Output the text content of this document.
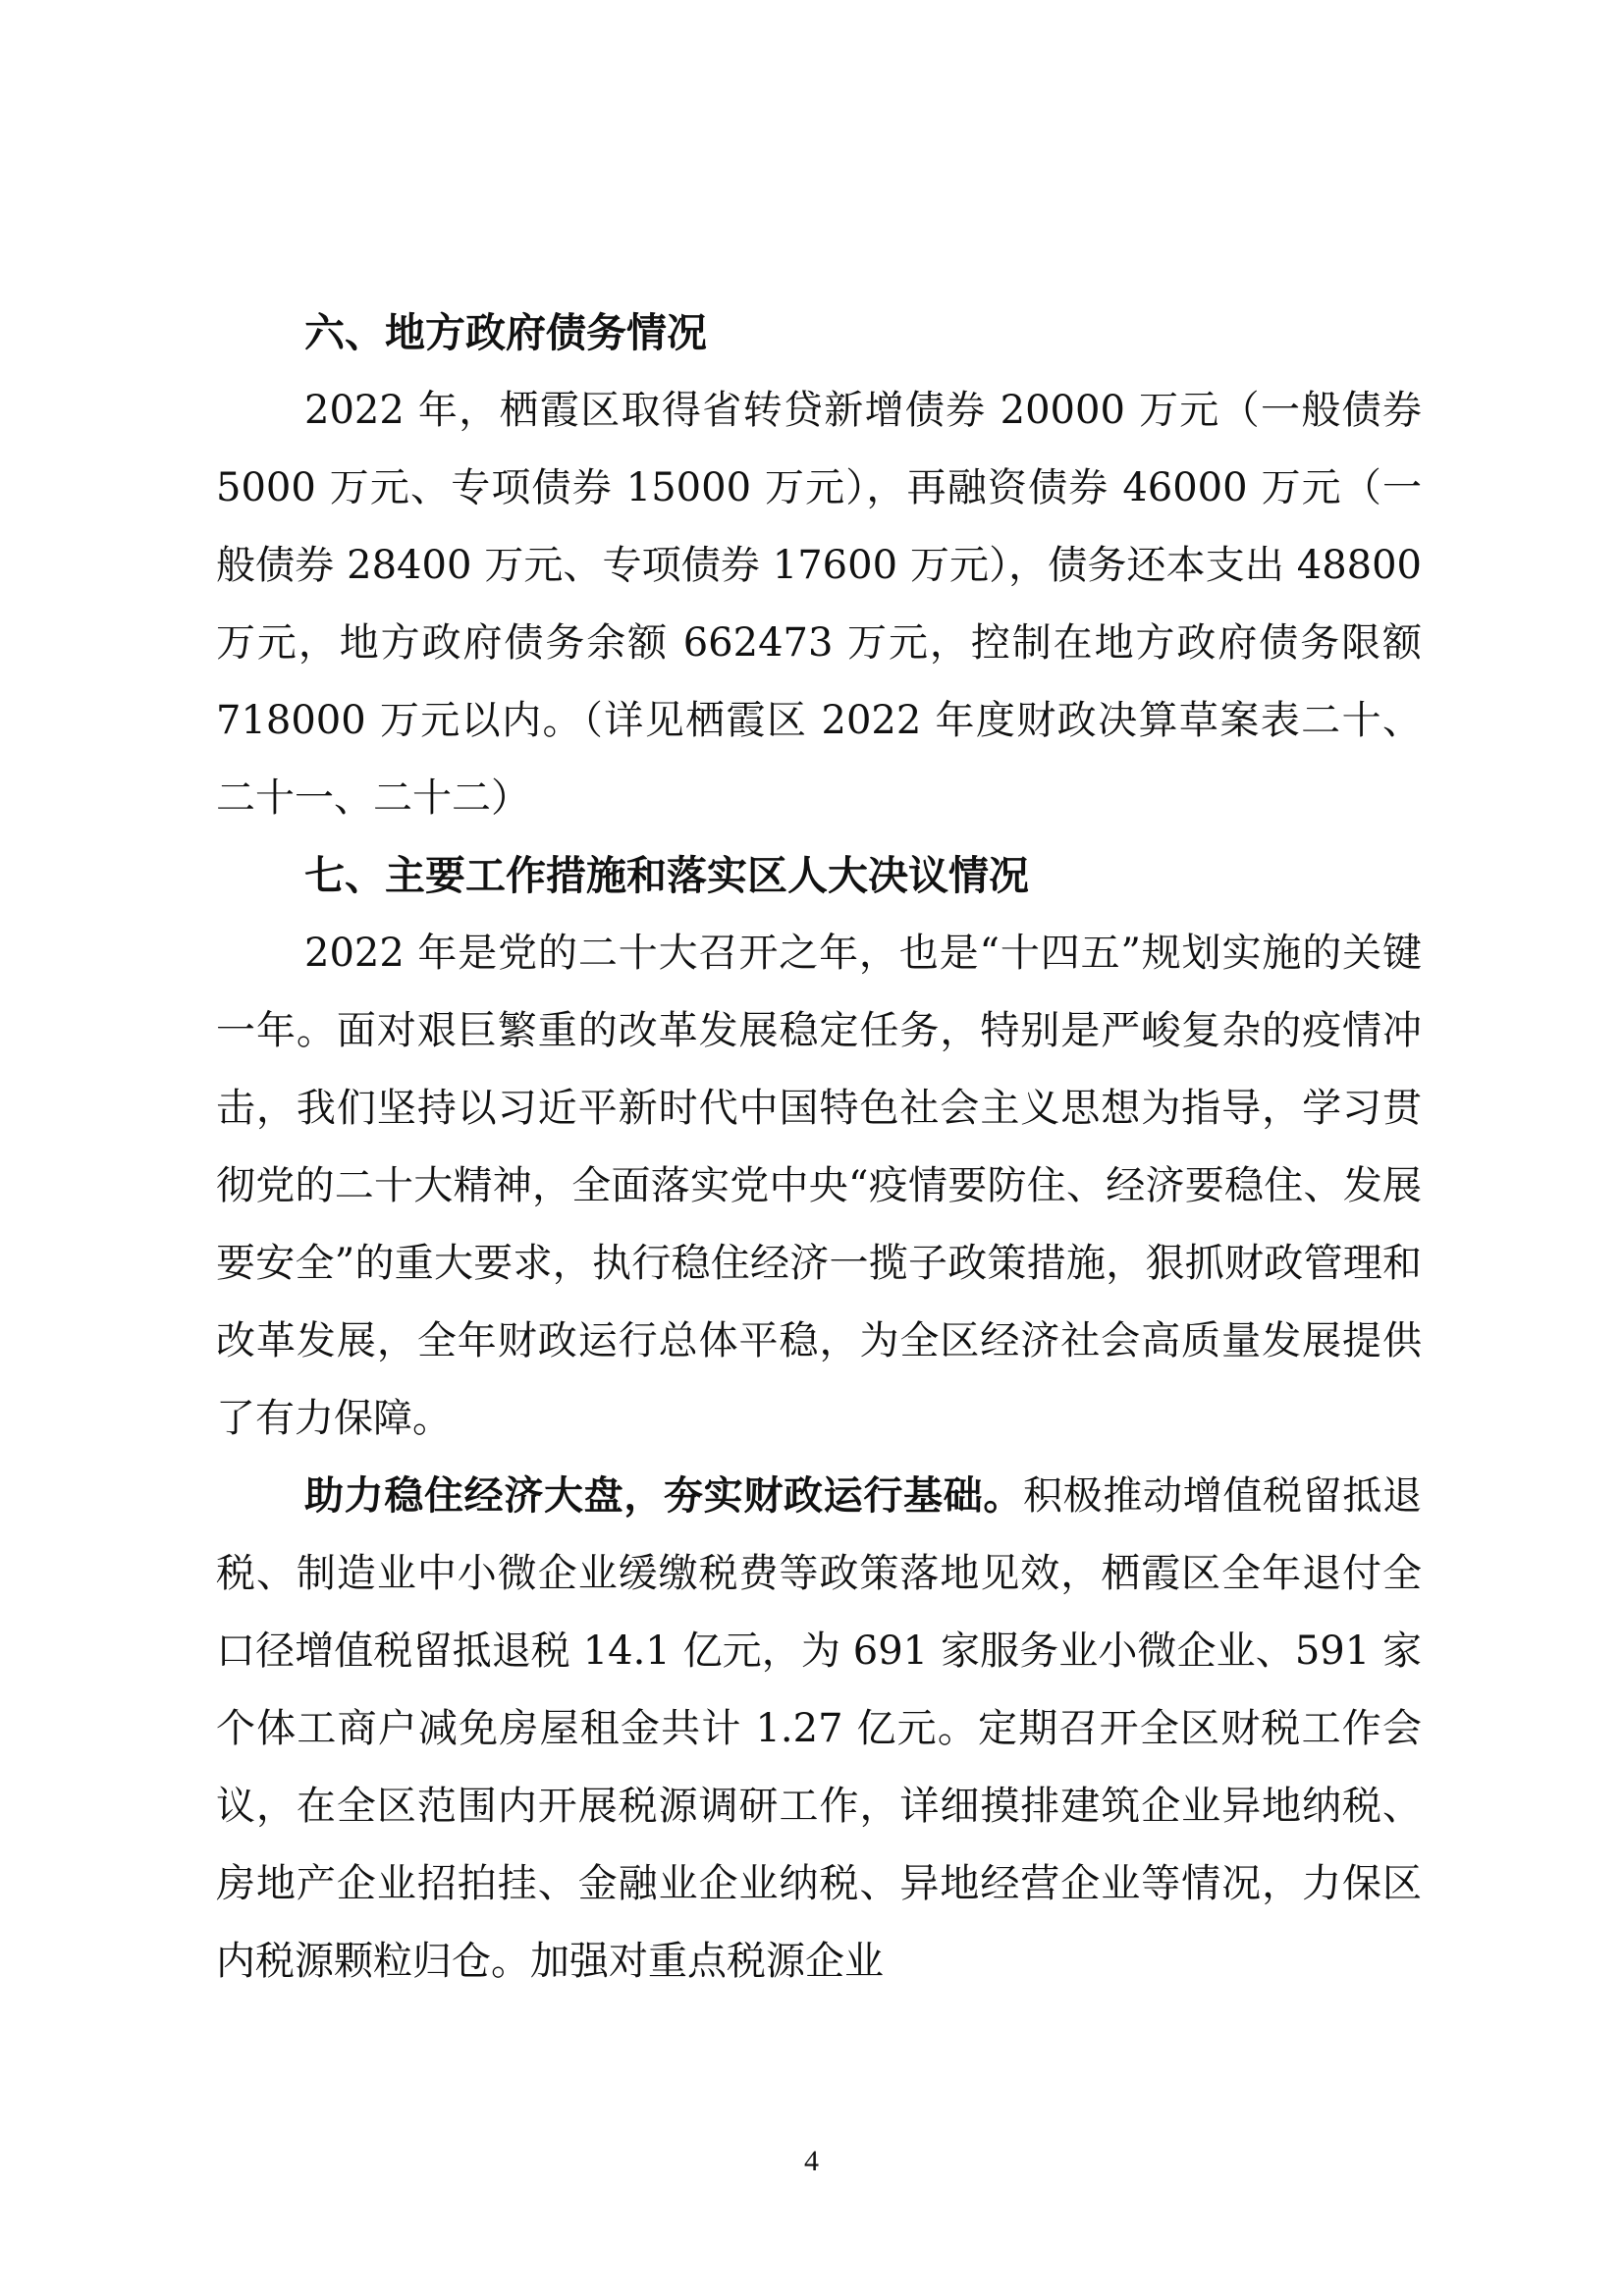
六、地方政府债务情况

2022 年，栖霞区取得省转贷新增债券 20000 万元（一般债券 5000 万元、专项债券 15000 万元），再融资债券 46000 万元（一般债券 28400 万元、专项债券 17600 万元），债务还本支出 48800 万元，地方政府债务余额 662473 万元，控制在地方政府债务限额 718000 万元以内。（详见栖霞区 2022 年度财政决算草案表二十、二十一、二十二）

七、主要工作措施和落实区人大决议情况

2022 年是党的二十大召开之年，也是“十四五”规划实施的关键一年。面对艰巨繁重的改革发展稳定任务，特别是严峻复杂的疫情冲击，我们坚持以习近平新时代中国特色社会主义思想为指导，学习贯彻党的二十大精神，全面落实党中央“疫情要防住、经济要稳住、发展要安全”的重大要求，执行稳住经济一揽子政策措施，狠抓财政管理和改革发展，全年财政运行总体平稳，为全区经济社会高质量发展提供了有力保障。

助力稳住经济大盘，夯实财政运行基础。积极推动增值税留抵退税、制造业中小微企业缓缴税费等政策落地见效，栖霞区全年退付全口径增值税留抵退税 14.1 亿元，为 691 家服务业小微企业、591 家个体工商户减免房屋租金共计 1.27 亿元。定期召开全区财税工作会议，在全区范围内开展税源调研工作，详细摸排建筑企业异地纳税、房地产企业招拍挂、金融业企业纳税、异地经营企业等情况，力保区内税源颗粒归仓。加强对重点税源企业

4
